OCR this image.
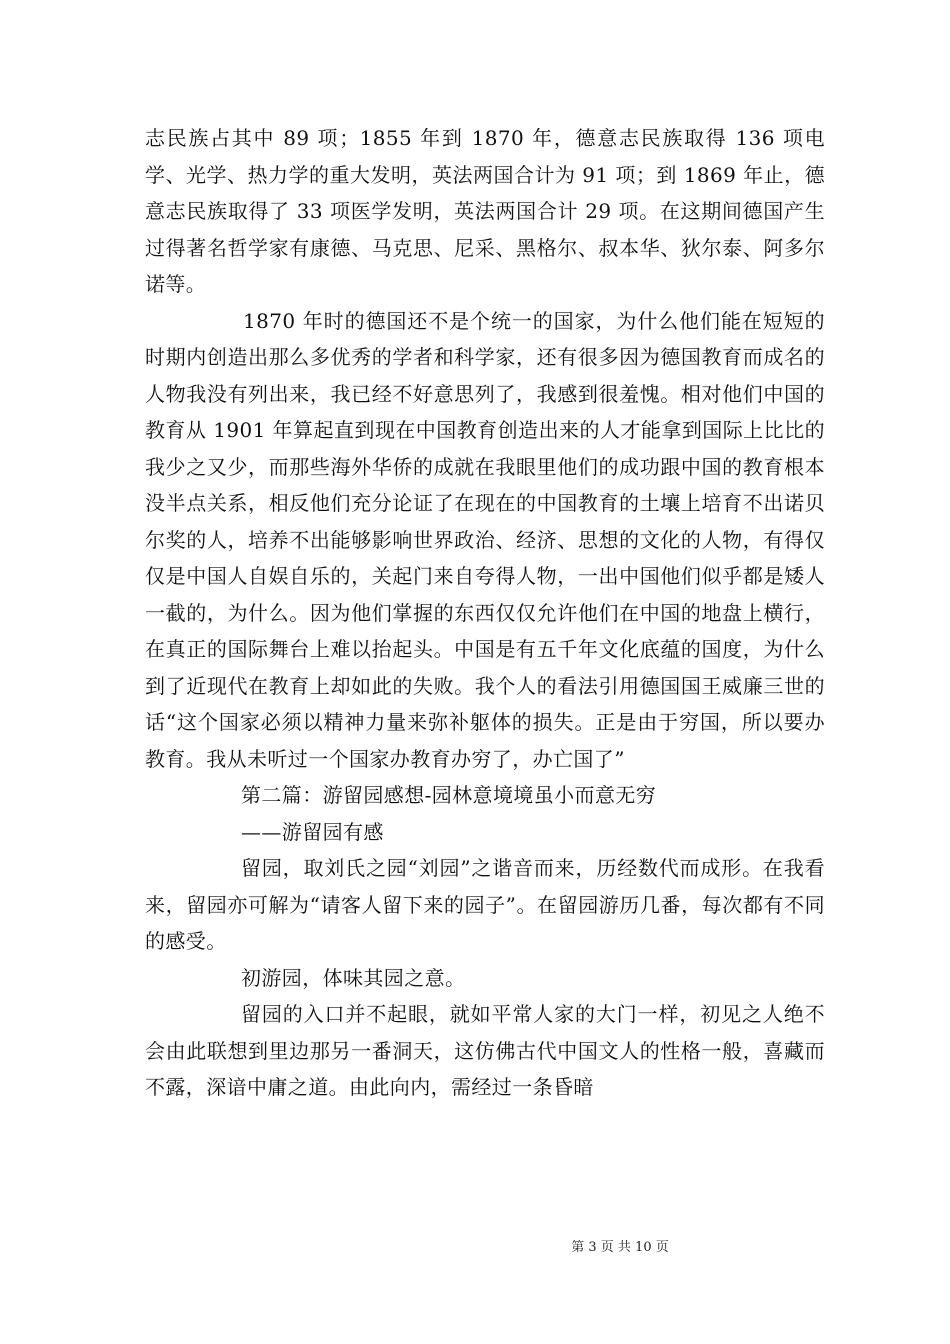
志民族占其中 89 项；1855 年到 1870 年，德意志民族取得 136 项电学、光学、热力学的重大发明，英法两国合计为 91 项；到 1869 年止，德意志民族取得了 33 项医学发明，英法两国合计 29 项。在这期间德国产生过得著名哲学家有康德、马克思、尼采、黑格尔、叔本华、狄尔泰、阿多尔诺等。

1870 年时的德国还不是个统一的国家，为什么他们能在短短的时期内创造出那么多优秀的学者和科学家，还有很多因为德国教育而成名的人物我没有列出来，我已经不好意思列了，我感到很羞愧。相对他们中国的教育从 1901 年算起直到现在中国教育创造出来的人才能拿到国际上比比的我少之又少，而那些海外华侨的成就在我眼里他们的成功跟中国的教育根本没半点关系，相反他们充分论证了在现在的中国教育的土壤上培育不出诺贝尔奖的人，培养不出能够影响世界政治、经济、思想的文化的人物，有得仅仅是中国人自娱自乐的，关起门来自夸得人物，一出中国他们似乎都是矮人一截的，为什么。因为他们掌握的东西仅仅允许他们在中国的地盘上横行，在真正的国际舞台上难以抬起头。中国是有五千年文化底蕴的国度，为什么到了近现代在教育上却如此的失败。我个人的看法引用德国国王威廉三世的话“这个国家必须以精神力量来弥补躯体的损失。正是由于穷国，所以要办教育。我从未听过一个国家办教育办穷了，办亡国了”

第二篇：游留园感想-园林意境境虽小而意无穷

——游留园有感

留园，取刘氏之园“刘园”之谐音而来，历经数代而成形。在我看来，留园亦可解为“请客人留下来的园子”。在留园游历几番，每次都有不同的感受。

初游园，体味其园之意。

留园的入口并不起眼，就如平常人家的大门一样，初见之人绝不会由此联想到里边那另一番洞天，这仿佛古代中国文人的性格一般，喜藏而不露，深谙中庸之道。由此向内，需经过一条昏暗

第 3 页 共 10 页
